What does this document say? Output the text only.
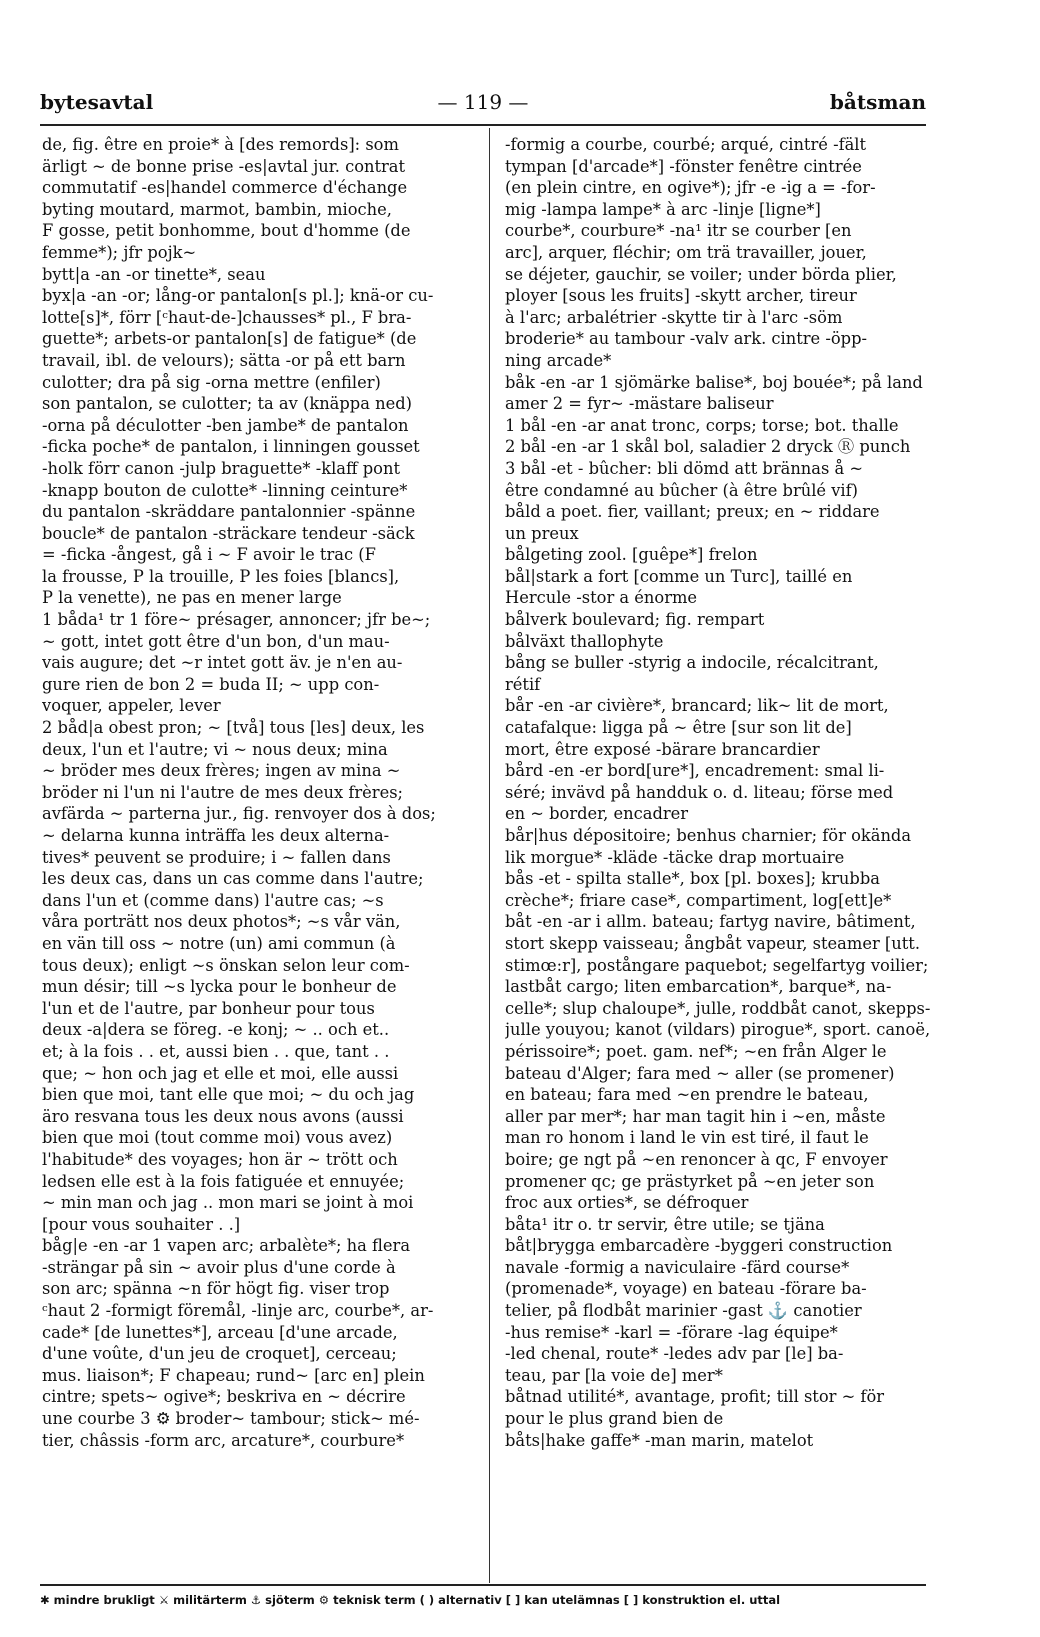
bytesavtal	— 119 —	båtsman
de, fig. être en proie* à [des remords]: som
ärligt ~ de bonne prise -es|avtal jur. contrat
commutatif -es|handel commerce d'échange
byting moutard, marmot, bambin, mioche,
F gosse, petit bonhomme, bout d'homme (de
femme*); jfr pojk~
bytt|a -an -or tinette*, seau
byx|a -an -or; lång-or pantalon[s pl.]; knä-or cu-
lotte[s]*, förr [ᶜhaut-de-]chausses* pl., F bra-
guette*; arbets-or pantalon[s] de fatigue* (de
travail, ibl. de velours); sätta -or på ett barn
culotter; dra på sig -orna mettre (enfiler)
son pantalon, se culotter; ta av (knäppa ned)
-orna på déculotter -ben jambe* de pantalon
-ficka poche* de pantalon, i linningen gousset
-holk förr canon -julp braguette* -klaff pont
-knapp bouton de culotte* -linning ceinture*
du pantalon -skräddare pantalonnier -spänne
boucle* de pantalon -sträckare tendeur -säck
= -ficka -ångest, gå i ~ F avoir le trac (F
la frousse, P la trouille, P les foies [blancs],
P la venette), ne pas en mener large
1 båda¹ tr 1 förе~ présager, annoncer; jfr be~;
~ gott, intet gott être d'un bon, d'un mau-
vais augure; det ~r intet gott äv. je n'en au-
gure rien de bon 2 = buda II; ~ upp con-
voquer, appeler, lever
2 båd|a obest pron; ~ [två] tous [les] deux, les
deux, l'un et l'autre; vi ~ nous deux; mina
~ bröder mes deux frères; ingen av mina ~
bröder ni l'un ni l'autre de mes deux frères;
avfärda ~ parterna jur., fig. renvoyer dos à dos;
~ delarna kunna inträffa les deux alterna-
tives* peuvent se produire; i ~ fallen dans
les deux cas, dans un cas comme dans l'autre;
dans l'un et (comme dans) l'autre cas; ~s
våra porträtt nos deux photos*; ~s vår vän,
en vän till oss ~ notre (un) ami commun (à
tous deux); enligt ~s önskan selon leur com-
mun désir; till ~s lycka pour le bonheur de
l'un et de l'autre, par bonheur pour tous
deux -a|dera se föreg. -e konj; ~ .. och et..
et; à la fois . . et, aussi bien . . que, tant . .
que; ~ hon och jag et elle et moi, elle aussi
bien que moi, tant elle que moi; ~ du och jag
äro resvana tous les deux nous avons (aussi
bien que moi (tout comme moi) vous avez)
l'habitude* des voyages; hon är ~ trött och
ledsen elle est à la fois fatiguée et ennuyée;
~ min man och jag .. mon mari se joint à moi
[pour vous souhaiter . .]
båg|e -en -ar 1 vapen arc; arbalète*; ha flera
-strängar på sin ~ avoir plus d'une corde à
son arc; spänna ~n för högt fig. viser trop
ᶜhaut 2 -formigt föremål, -linje arc, courbe*, ar-
cade* [de lunettes*], arceau [d'une arcade,
d'une voûte, d'un jeu de croquet], cerceau;
mus. liaison*; F chapeau; rund~ [arc en] plein
cintre; spets~ ogive*; beskriva en ~ décrire
une courbe 3 ⚙ broder~ tambour; stick~ mé-
tier, châssis -form arc, arcature*, courbure*
-formig a courbe, courbé; arqué, cintré -fält
tympan [d'arcade*] -fönster fenêtre cintrée
(en plein cintre, en ogive*); jfr -e -ig a = -for-
mig -lampa lampe* à arc -linje [ligne*]
courbe*, courbure* -na¹ itr se courber [en
arc], arquer, fléchir; om trä travailler, jouer,
se déjeter, gauchir, se voiler; under börda plier,
ployer [sous les fruits] -skytt archer, tireur
à l'arc; arbalétrier -skytte tir à l'arc -söm
broderie* au tambour -valv ark. cintre -öpp-
ning arcade*
båk -en -ar 1 sjömärke balise*, boj bouée*; på land
amer 2 = fyr~ -mästare baliseur
1 bål -en -ar anat tronc, corps; torse; bot. thalle
2 bål -en -ar 1 skål bol, saladier 2 dryck Ⓡ punch
3 bål -et - bûcher: bli dömd att brännas å ~
être condamné au bûcher (à être brûlé vif)
båld a poet. fier, vaillant; preux; en ~ riddare
un preux
bålgeting zool. [guêpe*] frelon
bål|stark a fort [comme un Turc], taillé en
Hercule -stor a énorme
bålverk boulevard; fig. rempart
bålväxt thallophyte
bång se buller -styrig a indocile, récalcitrant,
rétif
bår -en -ar civière*, brancard; lik~ lit de mort,
catafalque: ligga på ~ être [sur son lit de]
mort, être exposé -bärare brancardier
bård -en -er bord[ure*], encadrement: smal li-
séré; invävd på handduk o. d. liteau; förse med
en ~ border, encadrer
bår|hus dépositoire; benhus charnier; för okända
lik morgue* -kläde -täcke drap mortuaire
bås -et - spilta stalle*, box [pl. boxes]; krubba
crèche*; friare case*, compartiment, log[ett]e*
båt -en -ar i allm. bateau; fartyg navire, bâtiment,
stort skepp vaisseau; ångbåt vapeur, steamer [utt.
stimœ:r], postångare paquebot; segelfartyg voilier;
lastbåt cargo; liten embarcation*, barque*, na-
celle*; slup chaloupe*, julle, roddbåt canot, skepps-
julle youyou; kanot (vildars) pirogue*, sport. canoë,
périssoire*; poet. gam. nef*; ~en från Alger le
bateau d'Alger; fara med ~ aller (se promener)
en bateau; fara med ~en prendre le bateau,
aller par mer*; har man tagit hin i ~en, måste
man ro honom i land le vin est tiré, il faut le
boire; ge ngt på ~en renoncer à qc, F envoyer
promener qc; ge prästyrket på ~en jeter son
froc aux orties*, se défroquer
båta¹ itr o. tr servir, être utile; se tjäna
båt|brygga embarcadère -byggeri construction
navale -formig a naviculaire -färd course*
(promenade*, voyage) en bateau -förare ba-
telier, på flodbåt marinier -gast ⚓ canotier
-hus remise* -karl = -förare -lag équipe*
-led chenal, route* -ledes adv par [le] ba-
teau, par [la voie de] mer*
båtnad utilité*, avantage, profit; till stor ~ för
pour le plus grand bien de
båts|hake gaffe* -man marin, matelot
✱ mindre brukligt ⚔ militärterm ⚓ sjöterm ⚙ teknisk term ( ) alternativ [ ] kan utelämnas [ ] konstruktion el. uttal
